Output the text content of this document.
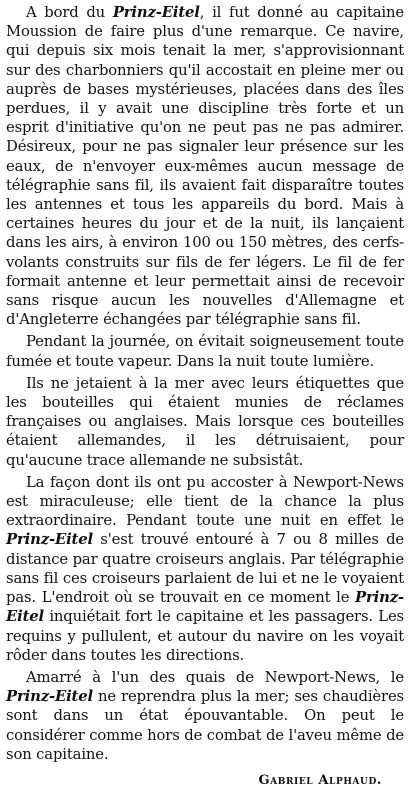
A bord du Prinz-Eitel, il fut donné au capitaine Moussion de faire plus d'une remarque. Ce navire, qui depuis six mois tenait la mer, s'approvisionnant sur des charbonniers qu'il accostait en pleine mer ou auprès de bases mystérieuses, placées dans des îles perdues, il y avait une discipline très forte et un esprit d'initiative qu'on ne peut pas ne pas admirer. Désireux, pour ne pas signaler leur présence sur les eaux, de n'envoyer eux-mêmes aucun message de télégraphie sans fil, ils avaient fait disparaître toutes les antennes et tous les appareils du bord. Mais à certaines heures du jour et de la nuit, ils lançaient dans les airs, à environ 100 ou 150 mètres, des cerfs-volants construits sur fils de fer légers. Le fil de fer formait antenne et leur permettait ainsi de recevoir sans risque aucun les nouvelles d'Allemagne et d'Angleterre échangées par télégraphie sans fil.

Pendant la journée, on évitait soigneusement toute fumée et toute vapeur. Dans la nuit toute lumière.

Ils ne jetaient à la mer avec leurs étiquettes que les bouteilles qui étaient munies de réclames françaises ou anglaises. Mais lorsque ces bouteilles étaient allemandes, il les détruisaient, pour qu'aucune trace allemande ne subsistât.

La façon dont ils ont pu accoster à Newport-News est miraculeuse; elle tient de la chance la plus extraordinaire. Pendant toute une nuit en effet le Prinz-Eitel s'est trouvé entouré à 7 ou 8 milles de distance par quatre croiseurs anglais. Par télégraphie sans fil ces croiseurs parlaient de lui et ne le voyaient pas. L'endroit où se trouvait en ce moment le Prinz-Eitel inquiétait fort le capitaine et les passagers. Les requins y pullulent, et autour du navire on les voyait rôder dans toutes les directions.

Amarré à l'un des quais de Newport-News, le Prinz-Eitel ne reprendra plus la mer; ses chaudières sont dans un état épouvantable. On peut le considérer comme hors de combat de l'aveu même de son capitaine.

Gabriel Alphaud.
